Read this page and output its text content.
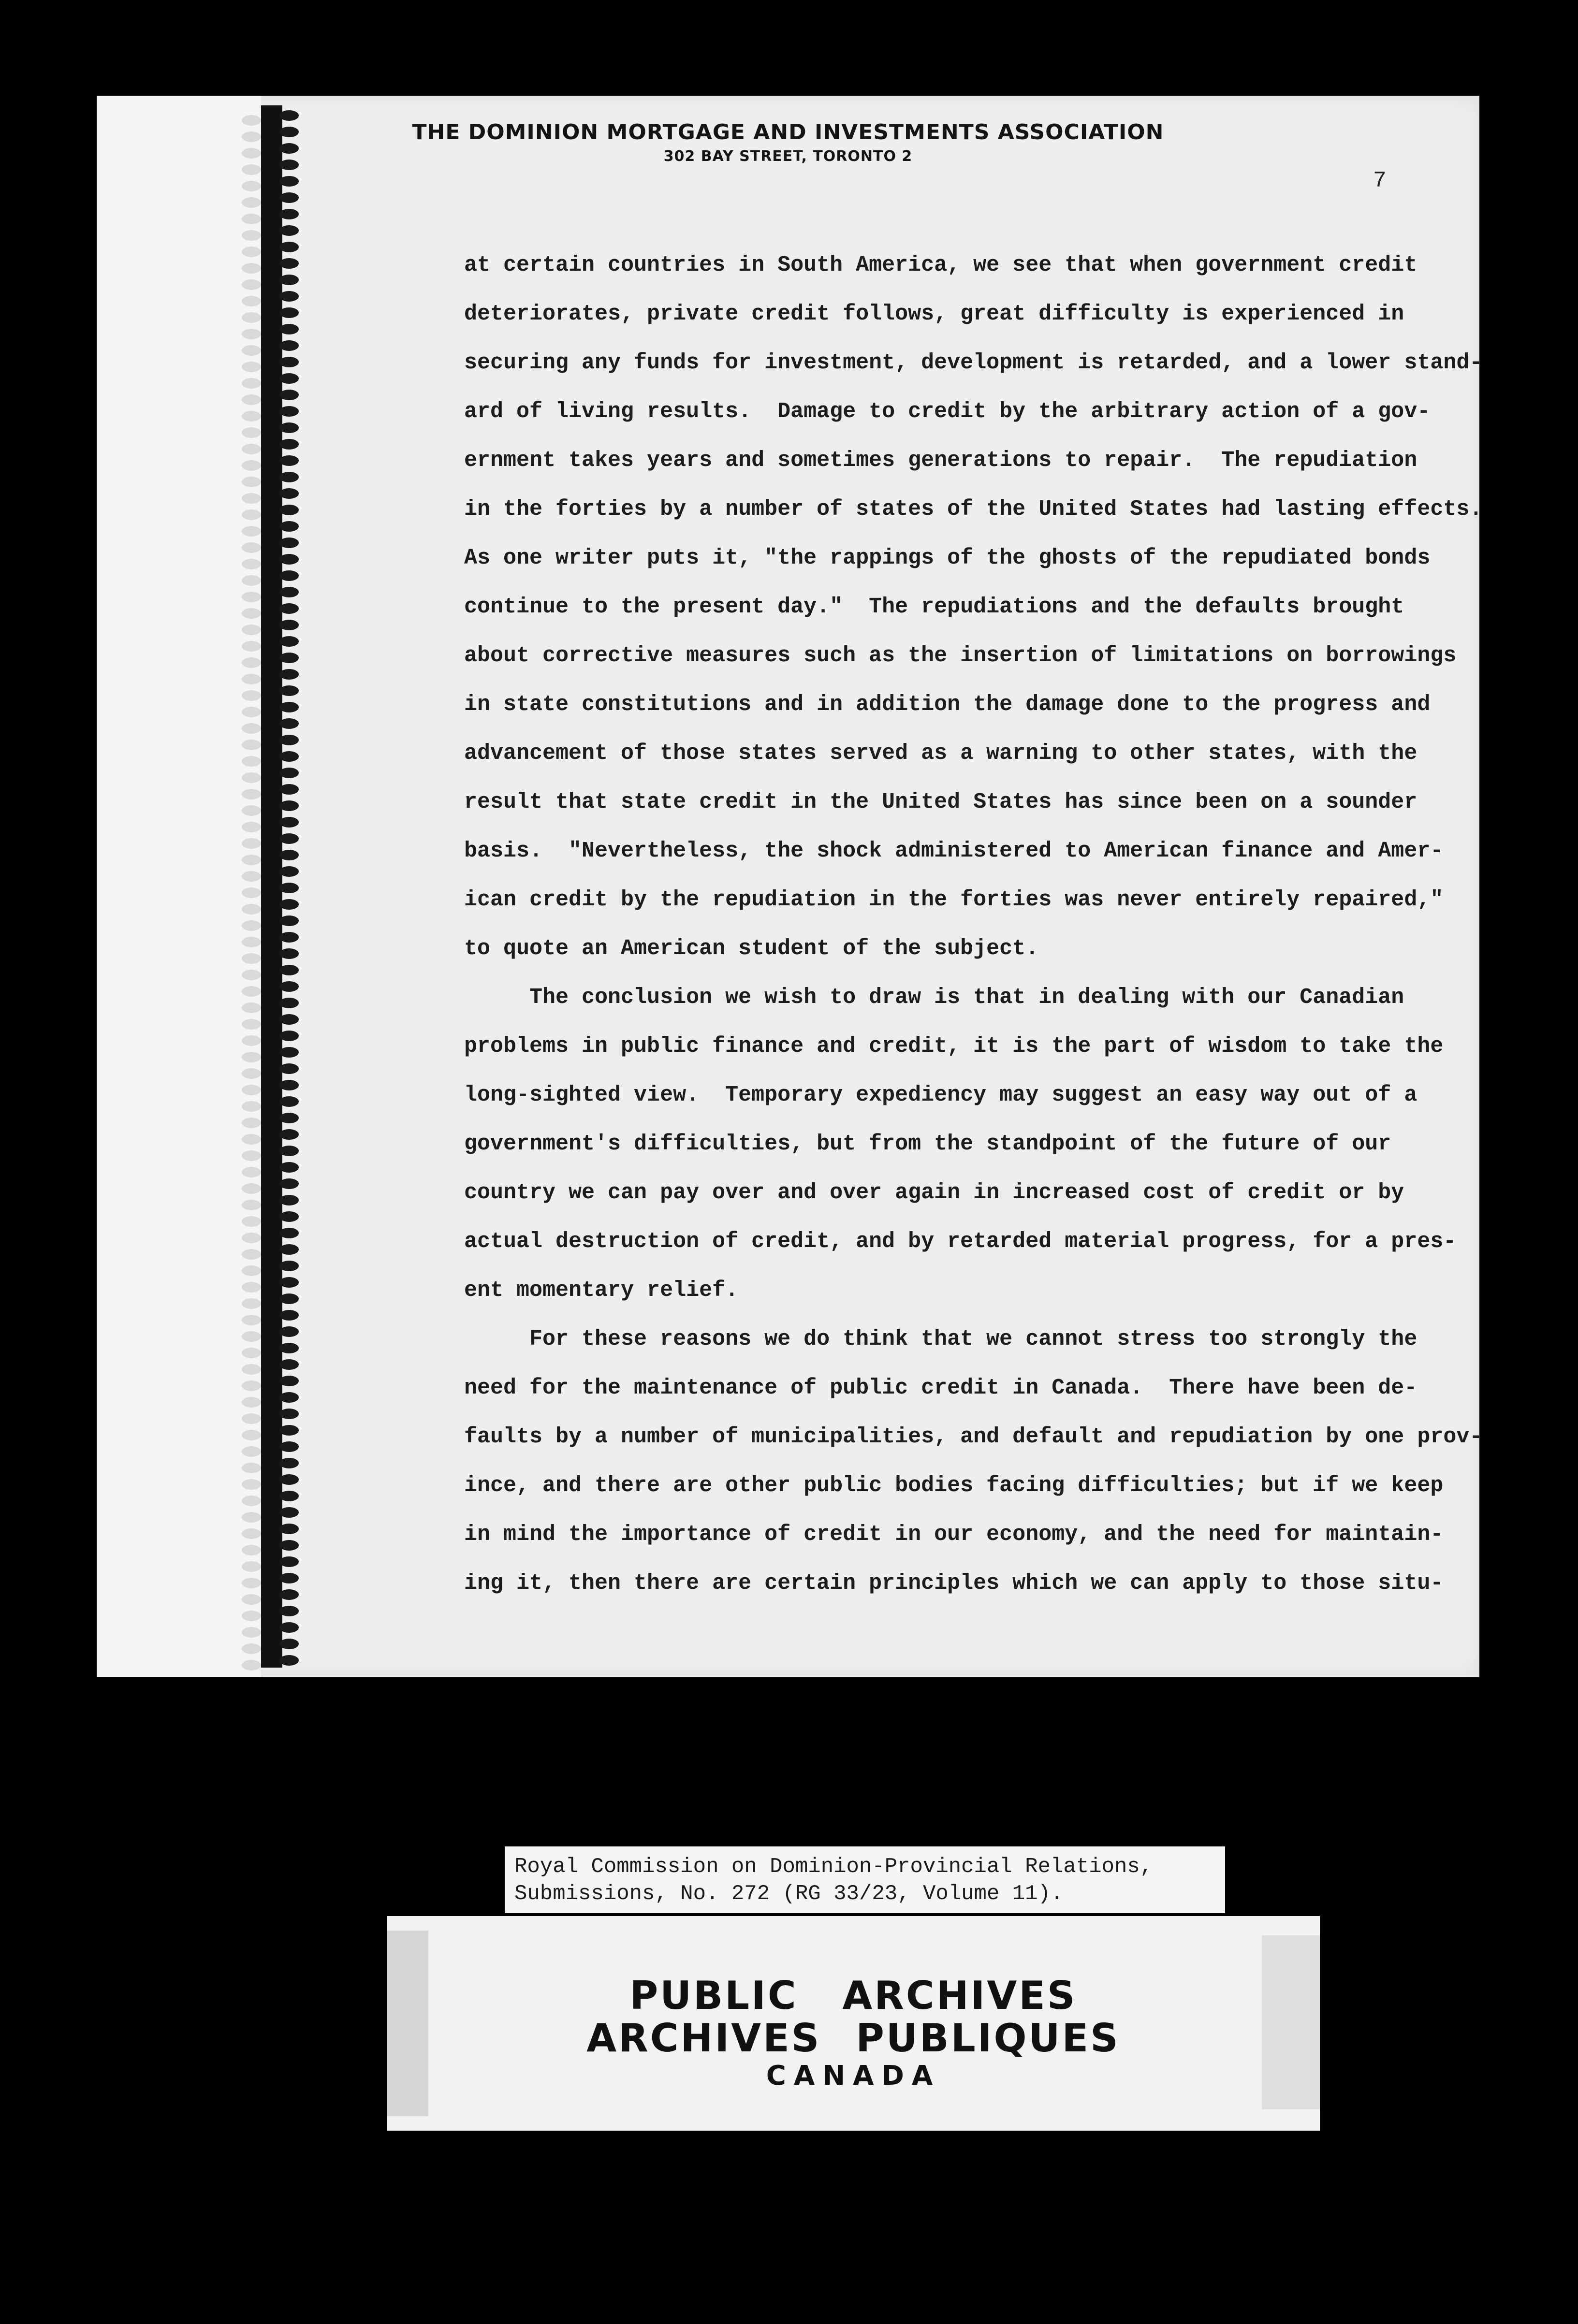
THE DOMINION MORTGAGE AND INVESTMENTS ASSOCIATION
302 BAY STREET, TORONTO 2
7
at certain countries in South America, we see that when government credit
deteriorates, private credit follows, great difficulty is experienced in
securing any funds for investment, development is retarded, and a lower stand-
ard of living results.  Damage to credit by the arbitrary action of a gov-
ernment takes years and sometimes generations to repair.  The repudiation
in the forties by a number of states of the United States had lasting effects.
As one writer puts it, "the rappings of the ghosts of the repudiated bonds
continue to the present day."  The repudiations and the defaults brought
about corrective measures such as the insertion of limitations on borrowings
in state constitutions and in addition the damage done to the progress and
advancement of those states served as a warning to other states, with the
result that state credit in the United States has since been on a sounder
basis.  "Nevertheless, the shock administered to American finance and Amer-
ican credit by the repudiation in the forties was never entirely repaired,"
to quote an American student of the subject.
The conclusion we wish to draw is that in dealing with our Canadian
problems in public finance and credit, it is the part of wisdom to take the
long-sighted view.  Temporary expediency may suggest an easy way out of a
government's difficulties, but from the standpoint of the future of our
country we can pay over and over again in increased cost of credit or by
actual destruction of credit, and by retarded material progress, for a pres-
ent momentary relief.
For these reasons we do think that we cannot stress too strongly the
need for the maintenance of public credit in Canada.  There have been de-
faults by a number of municipalities, and default and repudiation by one prov-
ince, and there are other public bodies facing difficulties; but if we keep
in mind the importance of credit in our economy, and the need for maintain-
ing it, then there are certain principles which we can apply to those situ-
Royal Commission on Dominion-Provincial Relations,
Submissions, No. 272 (RG 33/23, Volume 11).
PUBLIC ARCHIVES
ARCHIVES PUBLIQUES
CANADA
